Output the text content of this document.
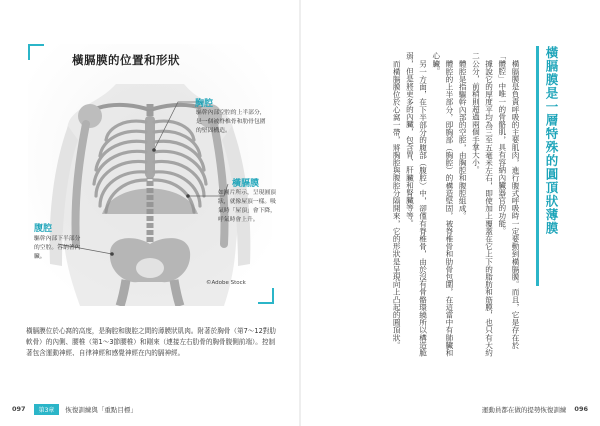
橫膈膜的位置和形狀
胸腔
驅幹內部空腔的上半部分，是一個被脊椎骨和肋骨包圍的堅固構造。
橫膈膜
如圖片所示，呈現圓頂狀，就像屋頂一樣。吸氣時「屋頂」會下降，呼氣時會上升。
腹腔
驅幹內部下半部分的空腔。容納著內臟。
©Adobe Stock
橫膈膜位於心窩的高度，是胸腔和腹腔之間的薄膜狀肌肉。附著於胸骨（第7～12對肋軟骨）的內側、腰椎（第1～3節腰椎）和剛來（連接左右肋骨的胸骨腹側前端）。控制著包含運動神經、自律神經和感覺神經在內的膈神經。
097	第3章	恢復訓練與「重點目標」
橫膈膜是一層特殊的圓頂狀薄膜

橫膈膜是負責呼吸的主要肌肉，進行腹式呼吸時一定要動到橫膈膜。而且，它是存在於「體腔」中唯一的骨骼肌，具有容納內臟器官的功能。

據說它的厚度平均為三至五毫米左右，即使加上覆蓋在它上下的脂肪和筋膜，也只有大約二公分，前稍則超過兩個手掌大小。

體腔是指驅幹內部的空腔，由胸腔和腹腔組成。

體腔的上半部分，即胸部（胸腔）的構造堅固，被脊椎骨和肋骨包圍，在這當中有肺臟和心臟。

另一方面，在下半部分的腹部（腹腔）中，卻僅有脊椎骨，由於沒有骨骼環繞所以構造脆弱，但是將更多的內臟，包含胃、肝臟和腎臟等等。

而橫膈膜位於心窩一帶，將胸腔與腹腔分隔開來，它的形狀是呈現向上凸起的圓頂狀。

運動員都在做的提勢恢復訓練 096
